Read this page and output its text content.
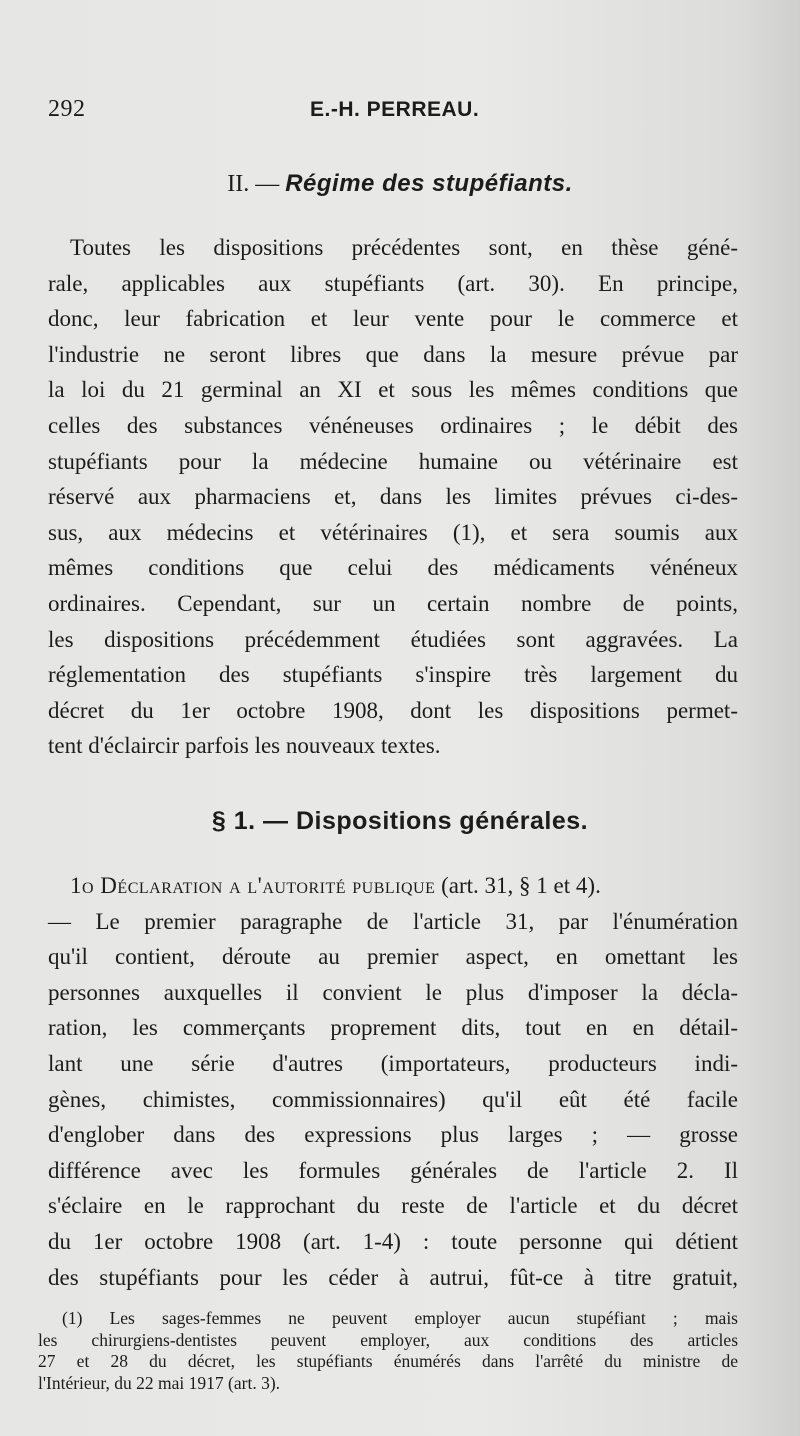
292	E.-H. PERREAU.
II. — Régime des stupéfiants.
Toutes les dispositions précédentes sont, en thèse géné-
rale, applicables aux stupéfiants (art. 30). En principe,
donc, leur fabrication et leur vente pour le commerce et
l'industrie ne seront libres que dans la mesure prévue par
la loi du 21 germinal an XI et sous les mêmes conditions que
celles des substances vénéneuses ordinaires ; le débit des
stupéfiants pour la médecine humaine ou vétérinaire est
réservé aux pharmaciens et, dans les limites prévues ci-des-
sus, aux médecins et vétérinaires (1), et sera soumis aux
mêmes conditions que celui des médicaments vénéneux
ordinaires. Cependant, sur un certain nombre de points,
les dispositions précédemment étudiées sont aggravées. La
réglementation des stupéfiants s'inspire très largement du
décret du 1er octobre 1908, dont les dispositions permet-
tent d'éclaircir parfois les nouveaux textes.
§ 1. — Dispositions générales.
1o Déclaration a l'autorité publique (art. 31, § 1 et 4).
— Le premier paragraphe de l'article 31, par l'énumération
qu'il contient, déroute au premier aspect, en omettant les
personnes auxquelles il convient le plus d'imposer la décla-
ration, les commerçants proprement dits, tout en en détail-
lant une série d'autres (importateurs, producteurs indi-
gènes, chimistes, commissionnaires) qu'il eût été facile
d'englober dans des expressions plus larges ; — grosse
différence avec les formules générales de l'article 2. Il
s'éclaire en le rapprochant du reste de l'article et du décret
du 1er octobre 1908 (art. 1-4) : toute personne qui détient
des stupéfiants pour les céder à autrui, fût-ce à titre gratuit,
(1) Les sages-femmes ne peuvent employer aucun stupéfiant ; mais
les chirurgiens-dentistes peuvent employer, aux conditions des articles
27 et 28 du décret, les stupéfiants énumérés dans l'arrêté du ministre de
l'Intérieur, du 22 mai 1917 (art. 3).
